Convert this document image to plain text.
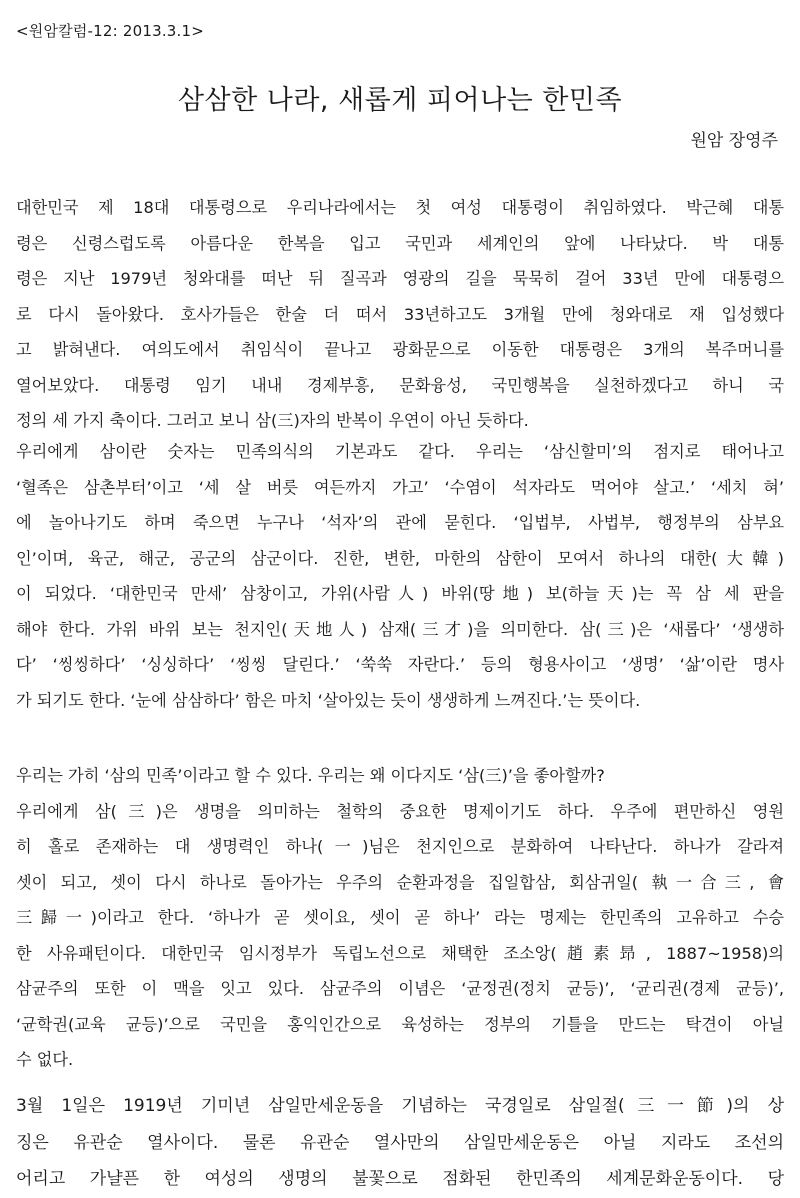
<원암칼럼-12: 2013.3.1>
삼삼한 나라, 새롭게 피어나는 한민족
원암 장영주
대한민국 제 18대 대통령으로 우리나라에서는 첫 여성 대통령이 취임하였다. 박근혜 대통
령은 신령스럽도록 아름다운 한복을 입고 국민과 세계인의 앞에 나타났다. 박 대통
령은 지난 1979년 청와대를 떠난 뒤 질곡과 영광의 길을 묵묵히 걸어 33년 만에 대통령으
로 다시 돌아왔다. 호사가들은 한술 더 떠서 33년하고도 3개월 만에 청와대로 재 입성했다
고 밝혀낸다. 여의도에서 취임식이 끝나고 광화문으로 이동한 대통령은 3개의 복주머니를
열어보았다. 대통령 임기 내내 경제부흥, 문화융성, 국민행복을 실천하겠다고 하니 국
정의 세 가지 축이다. 그러고 보니 삼(三)자의 반복이 우연이 아닌 듯하다.
우리에게 삼이란 숫자는 민족의식의 기본과도 같다. 우리는 ‘삼신할미’의 점지로 태어나고
‘혈족은 삼촌부터’이고 ‘세 살 버릇 여든까지 가고’ ‘수염이 석자라도 먹어야 살고.’ ‘세치 혀’
에 놀아나기도 하며 죽으면 누구나 ‘석자’의 관에 묻힌다. ‘입법부, 사법부, 행정부의 삼부요
인’이며, 육군, 해군, 공군의 삼군이다. 진한, 변한, 마한의 삼한이 모여서 하나의 대한(大韓)
이 되었다. ‘대한민국 만세’ 삼창이고, 가위(사람人) 바위(땅地) 보(하늘天)는 꼭 삼 세 판을
해야 한다. 가위 바위 보는 천지인(天地人) 삼재(三才)을 의미한다. 삼(三)은 ‘새롭다’ ‘생생하
다’ ‘씽씽하다’ ‘싱싱하다’ ‘씽씽 달린다.’ ‘쑥쑥 자란다.’ 등의 형용사이고 ‘생명’ ‘삶’이란 명사
가 되기도 한다. ‘눈에 삼삼하다’ 함은 마치 ‘살아있는 듯이 생생하게 느껴진다.’는 뜻이다.
우리는 가히 ‘삼의 민족’이라고 할 수 있다. 우리는 왜 이다지도 ‘삼(三)’을 좋아할까?
우리에게 삼(三)은 생명을 의미하는 철학의 중요한 명제이기도 하다. 우주에 편만하신 영원
히 홀로 존재하는 대 생명력인 하나(一)님은 천지인으로 분화하여 나타난다. 하나가 갈라져
셋이 되고, 셋이 다시 하나로 돌아가는 우주의 순환과정을 집일합삼, 회삼귀일( 執一合三, 會
三歸一)이라고 한다. ‘하나가 곧 셋이요, 셋이 곧 하나’ 라는 명제는 한민족의 고유하고 수승
한 사유패턴이다. 대한민국 임시정부가 독립노선으로 채택한 조소앙(趙素昻, 1887~1958)의
삼균주의 또한 이 맥을 잇고 있다. 삼균주의 이념은 ‘균정권(정치 균등)’, ‘균리권(경제 균등)’,
‘균학권(교육 균등)’으로 국민을 홍익인간으로 육성하는 정부의 기틀을 만드는 탁견이 아닐
수 없다.
3월 1일은 1919년 기미년 삼일만세운동을 기념하는 국경일로 삼일절(三一節)의 상
징은 유관순 열사이다. 물론 유관순 열사만의 삼일만세운동은 아닐 지라도 조선의
어리고 가냘픈 한 여성의 생명의 불꽃으로 점화된 한민족의 세계문화운동이다. 당
